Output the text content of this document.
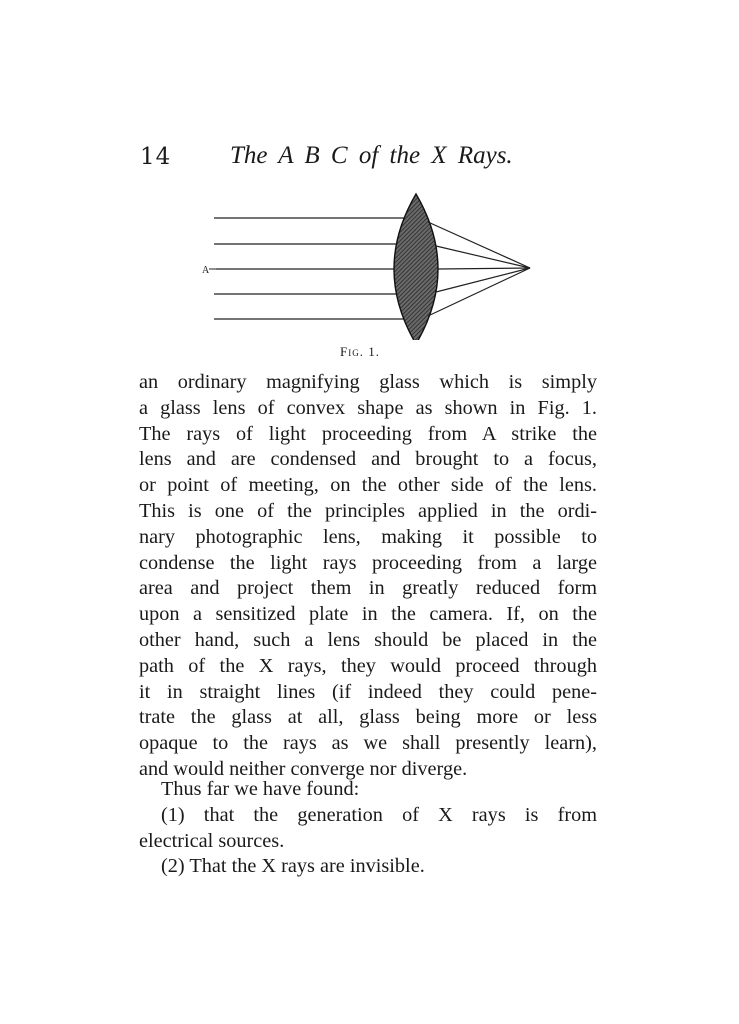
14 The A B C of the X Rays.
A
Fig. 1.
an ordinary magnifying glass which is simply
a glass lens of convex shape as shown in Fig. 1.
The rays of light proceeding from A strike the
lens and are condensed and brought to a focus,
or point of meeting, on the other side of the lens.
This is one of the principles applied in the ordi-
nary photographic lens, making it possible to
condense the light rays proceeding from a large
area and project them in greatly reduced form
upon a sensitized plate in the camera. If, on the
other hand, such a lens should be placed in the
path of the X rays, they would proceed through
it in straight lines (if indeed they could pene-
trate the glass at all, glass being more or less
opaque to the rays as we shall presently learn),
and would neither converge nor diverge.
Thus far we have found:
(1) that the generation of X rays is from
electrical sources.
(2) That the X rays are invisible.
